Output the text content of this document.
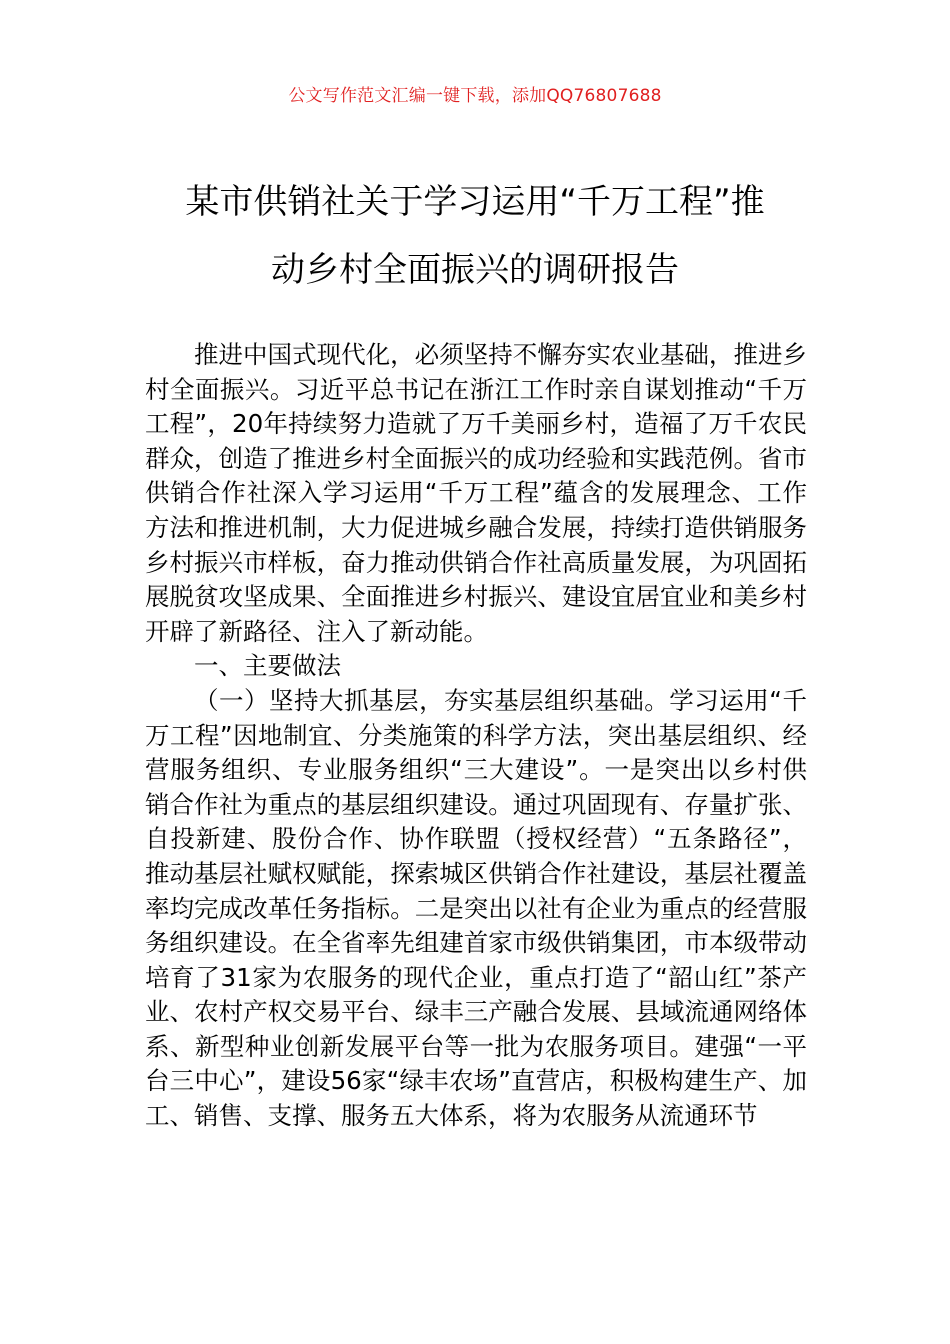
公文写作范文汇编一键下载，添加QQ76807688
某市供销社关于学习运用“千万工程”推
动乡村全面振兴的调研报告

推进中国式现代化，必须坚持不懈夯实农业基础，推进乡村全面振兴。习近平总书记在浙江工作时亲自谋划推动“千万工程”，20年持续努力造就了万千美丽乡村，造福了万千农民群众，创造了推进乡村全面振兴的成功经验和实践范例。省市供销合作社深入学习运用“千万工程”蕴含的发展理念、工作方法和推进机制，大力促进城乡融合发展，持续打造供销服务乡村振兴市样板，奋力推动供销合作社高质量发展，为巩固拓展脱贫攻坚成果、全面推进乡村振兴、建设宜居宜业和美乡村开辟了新路径、注入了新动能。

一、主要做法

（一）坚持大抓基层，夯实基层组织基础。学习运用“千万工程”因地制宜、分类施策的科学方法，突出基层组织、经营服务组织、专业服务组织“三大建设”。一是突出以乡村供销合作社为重点的基层组织建设。通过巩固现有、存量扩张、自投新建、股份合作、协作联盟（授权经营）“五条路径”，推动基层社赋权赋能，探索城区供销合作社建设，基层社覆盖率均完成改革任务指标。二是突出以社有企业为重点的经营服务组织建设。在全省率先组建首家市级供销集团，市本级带动培育了31家为农服务的现代企业，重点打造了“韶山红”茶产业、农村产权交易平台、绿丰三产融合发展、县域流通网络体系、新型种业创新发展平台等一批为农服务项目。建强“一平台三中心”，建设56家“绿丰农场”直营店，积极构建生产、加工、销售、支撑、服务五大体系，将为农服务从流通环节
